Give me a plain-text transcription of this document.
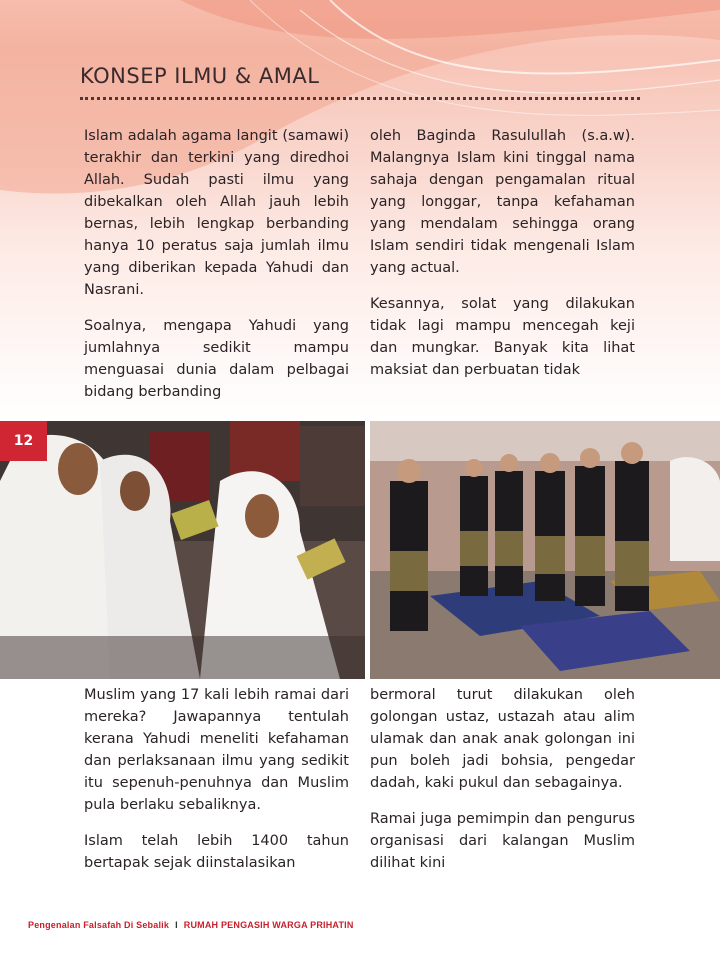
KONSEP ILMU & AMAL

Islam adalah agama langit (samawi) terakhir dan terkini yang diredhoi Allah. Sudah pasti ilmu yang dibekalkan oleh Allah jauh lebih bernas, lebih lengkap berbanding hanya 10 peratus saja jumlah ilmu yang diberikan kepada Yahudi dan Nasrani.

Soalnya, mengapa Yahudi yang jumlahnya sedikit mampu menguasai dunia dalam pelbagai bidang berbanding

oleh Baginda Rasulullah (s.a.w). Malangnya Islam kini tinggal nama sahaja dengan pengamalan ritual yang longgar, tanpa kefahaman yang mendalam sehingga orang Islam sendiri tidak mengenali Islam yang actual.

Kesannya, solat yang dilakukan tidak lagi mampu mencegah keji dan mungkar. Banyak kita lihat maksiat dan perbuatan tidak

12

Muslim yang 17 kali lebih ramai dari mereka? Jawapannya tentulah kerana Yahudi meneliti kefahaman dan perlaksanaan ilmu yang sedikit itu sepenuh-penuhnya dan Muslim pula berlaku sebaliknya.

Islam telah lebih 1400 tahun bertapak sejak diinstalasikan

bermoral turut dilakukan oleh golongan ustaz, ustazah atau alim ulamak dan anak anak golongan ini pun boleh jadi bohsia, pengedar dadah, kaki pukul dan sebagainya.

Ramai juga pemimpin dan pengurus organisasi dari kalangan Muslim dilihat kini

Pengenalan Falsafah Di Sebalik I RUMAH PENGASIH WARGA PRIHATIN
